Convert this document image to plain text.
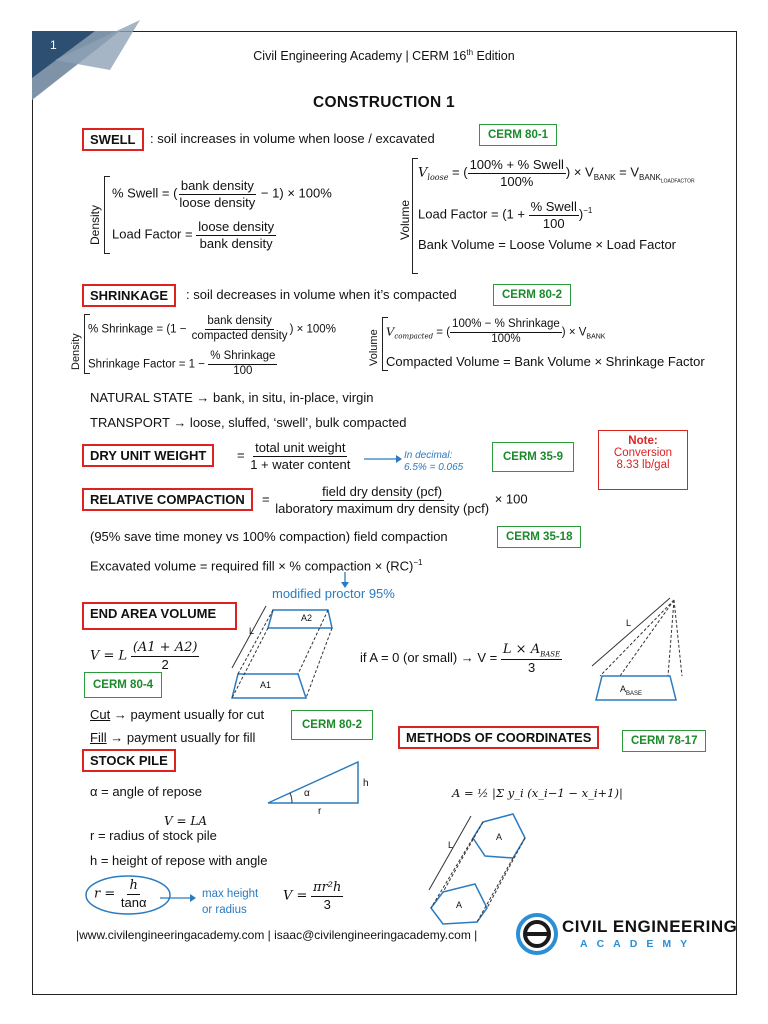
1
Civil Engineering Academy | CERM 16th Edition
CONSTRUCTION 1
SWELL	: soil increases in volume when loose / excavated	CERM 80-1
Density
% Swell = ( $\frac{\text{bank density}}{\text{loose density}} - 1) \times 100\%$
Load Factor = $\frac{\text{loose density}}{\text{bank density}}$	Volume
$V_{loose}$ = ( $\frac{\text{100\% + \% Swell}}{100\%}$ ) × $V_{BANK} = V_{BANK_{LOADFACTOR}}$
Load Factor = $(1 + \frac{\text{\% Swell}}{100} )^{-1}$
Bank Volume = Loose Volume × Load Factor
SHRINKAGE	: soil decreases in volume when it’s compacted	CERM 80-2
Density
% Shrinkage = ($1 - \frac{\text{bank density}}{\text{compacted density}}$ ) × 100%
Shrinkage Factor = $1 - \frac{\text{\% Shrinkage}}{100}$	Volume $V_{compacted}$ = ( $\frac{\text{100\% − \% Shrinkage}}{100\%}$ ) × $V_{BANK}$
Compacted Volume = Bank Volume × Shrinkage Factor
NATURAL STATE → bank, in situ, in-place, virgin
TRANSPORT → loose, sluffed, ‘swell’, bulk compacted
DRY UNIT WEIGHT	= $\frac{\text{total unit weight}}{\text{1 + water content}}$	In decimal:
6.5% = 0.065
CERM 35-9
Note:
Conversion
8.33 lb/gal
RELATIVE COMPACTION	= $\frac{\text{field dry density (pcf)}}{\text{laboratory maximum dry density (pcf)}} \times 100$
(95% save time money vs 100% compaction) field compaction	CERM 35-18
Excavated volume = required fill × % compaction × (RC)$^{-1}$
modified proctor 95%
END AREA VOLUME
V = L $\frac{(A1 + A2)}{2}$
CERM 80-4
L
A2
A1
if A = 0 (or small) → $V = \frac{L \times A_{BASE}}{3}$
L
$A_{BASE}$
Cut → payment usually for cut
Fill → payment usually for fill
CERM 80-2
METHODS OF COORDINATES	CERM 78-17
A = ½ |Σ y_i (x_i−1 − x_i+1)|
L
A
A
STOCK PILE
α = angle of repose	α
h
r
V = LA
r = radius of stock pile
h = height of repose with angle
$r = \frac{h}{\tan\alpha}$	max height
or radius
$V = \frac{\text{πr²h}}{3}$
|www.civilengineeringacademy.com | isaac@civilengineeringacademy.com |	CIVIL ENGINEERING
ACADEMY
